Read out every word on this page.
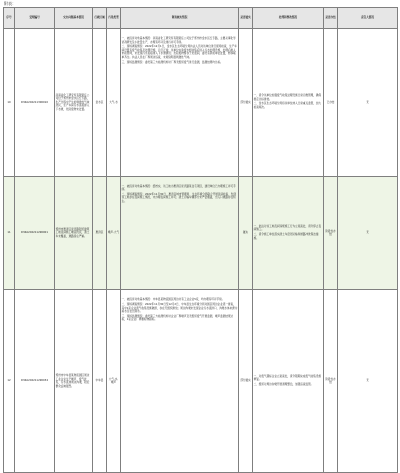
附表：
序号	受理编号	交办问题基本情况	行政区域	污染类型	调查核实情况	是否属实	处理和整改情况	是否办结	责任人情况
10	D3ZA202211300010	河南省化工研究所有限责任公司位于郑州市金水区红专路，生产过程中产生的刺激性气味扰民，生产车间污水直接排入下水道，危险废物未处置。	金水区	大气,水	一、被投诉对象基本情况：河南省化工研究所有限责任公司位于郑州市金水区红专路，主要从事化学试剂研发及小批量生产，办理有环评及排污许可手续。
二、现场调查情况：2022年12月1日，金水区生态环境分局执法人员对该单位进行现场检查，生产车间设置有废气收集及处理设施，运行正常；该单位实验废水经收集后进入污水处理设施，处理后排入市政管网，未发现污水直接排入下水道情况；危险废物暂存于危废间，委托有资质单位处置，转移联单齐全。执法人员在厂界周边巡查，未闻到明显刺激性气味。
三、现场监测情况：委托第三方检测机构对厂界无组织废气进行监测，监测结果均达标。	部分属实	一、责令该单位加强废气收集处理设施日常运维管理，确保稳定达标排放。
二、金水区生态环境分局将该单位纳入日常重点监管，加大检查频次。	已办结	无
11	D3ZA202211290001	郑州市惠济区迎宾路附近建筑工地夜间施工噪音扰民，渣土车未覆盖，道路扬尘严重。	惠济区	噪声,大气	一、被投诉对象基本情况：经核实，该工地为惠济区迎宾路某住宅项目，建设单位已办理施工许可手续。
二、现场调查情况：2022年11月30日，惠济区城市管理局、生态环境分局联合开展夜间检查，发现该工地存在夜间施工情况，未办理夜间施工许可；渣土运输车辆部分未严密覆盖，出入口道路存在积尘。	属实	一、依法对该工地夜间违规施工行为立案查处，责令停止夜间施工。
二、责令施工单位落实渣土车密闭运输和道路冲洗保洁措施。	阶段性办结	无
12	D3ZA202211290034	郑州市中牟县某物流园区周边工业企业生产噪声、废气扰民，污水直排周边沟渠，附近群众反映强烈。	中牟县	大气,水,噪声	一、被投诉对象基本情况：中牟县某物流园区周边共有工业企业5家，均办理有环评手续。
二、现场调查情况：2022年11月30日至12月2日，中牟县生态环境分局对园区周边企业逐一排查，其中1家企业废气收集设施破损，存在无组织排放；周边沟渠未发现企业污水直排口，沟渠水体来源为雨水及农田退水。
三、现场监测情况：委托第三方检测机构对企业厂界噪声及无组织废气开展监测，噪声监测结果达标，1家企业厂界颗粒物超标。	部分属实	一、对废气超标企业立案查处，责令限期完成废气收集设施修复。
二、组织对周边沟渠开展清理整治，加强巡查监管。	阶段性办结	无
